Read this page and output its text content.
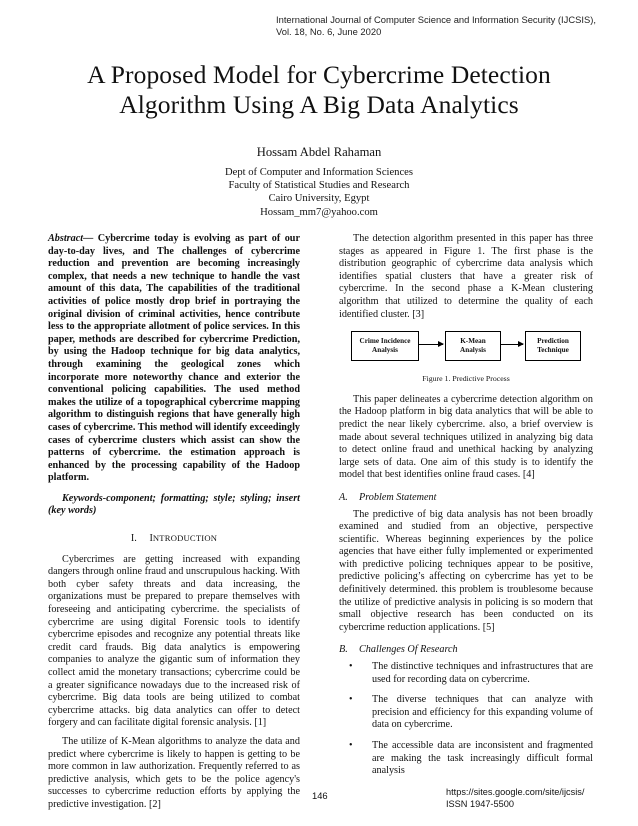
International Journal of Computer Science and Information Security (IJCSIS),
Vol. 18, No. 6, June 2020
A Proposed Model for Cybercrime Detection
Algorithm Using A Big Data Analytics
Hossam Abdel Rahaman
Dept of Computer and Information Sciences
Faculty of Statistical Studies and Research
Cairo University, Egypt
Hossam_mm7@yahoo.com

Abstract— Cybercrime today is evolving as part of our day-to-day lives, and The challenges of cybercrime reduction and prevention are becoming increasingly complex, that needs a new technique to handle the vast amount of this data, The capabilities of the traditional activities of police mostly drop brief in portraying the original division of criminal activities, hence contribute less to the appropriate allotment of police services. In this paper, methods are described for cybercrime Prediction, by using the Hadoop technique for big data analytics, through examining the geological zones which incorporate more noteworthy chance and exterior the conventional policing capabilities. The used method makes the utilize of a topographical cybercrime mapping algorithm to distinguish regions that have generally high cases of cybercrime. This method will identify exceedingly cases of cybercrime clusters which assist can show the patterns of cybercrime. the estimation approach is enhanced by the processing capability of the Hadoop platform.

Keywords-component; formatting; style; styling; insert (key words)

I. INTRODUCTION

Cybercrimes are getting increased with expanding dangers through online fraud and unscrupulous hacking. With both cyber safety threats and data increasing, the organizations must be prepared to prepare themselves with foreseeing and anticipating cybercrime. the specialists of cybercrime are using digital Forensic tools to identify cybercrime episodes and recognize any potential threats like credit card frauds. Big data analytics is empowering companies to analyze the gigantic sum of information they collect amid the monetary transactions; cybercrime could be a greater significance nowadays due to the increased risk of cybercrime. Big data tools are being utilized to combat cybercrime attacks. big data analytics can offer to detect forgery and can facilitate digital forensic analysis. [1]

The utilize of K-Mean algorithms to analyze the data and predict where cybercrime is likely to happen is getting to be more common in law authorization. Frequently referred to as predictive analysis, which gets to be the police agency's successes to cybercrime reduction efforts by applying the predictive investigation. [2]

The detection algorithm presented in this paper has three stages as appeared in Figure 1. The first phase is the distribution geographic of cybercrime data analysis which identifies spatial clusters that have a greater risk of cybercrime. In the second phase a K-Mean clustering algorithm that utilized to determine the quality of each identified cluster. [3]

Crime Incidence
Analysis
K-Mean
Analysis
Prediction
Technique
Figure 1. Predictive Process

This paper delineates a cybercrime detection algorithm on the Hadoop platform in big data analytics that will be able to predict the near likely cybercrime. also, a brief overview is made about several techniques utilized in analyzing big data to detect online fraud and unethical hacking by analyzing large sets of data. One aim of this study is to identify the model that best identifies online fraud cases. [4]

A. Problem Statement

The predictive of big data analysis has not been broadly examined and studied from an objective, perspective scientific. Whereas beginning experiences by the police agencies that have either fully implemented or experimented with predictive policing techniques appear to be positive, predictive policing’s affecting on cybercrime has yet to be definitively determined. this problem is troublesome because the utilize of predictive analysis in policing is so modern that small objective research has been conducted on its cybercrime reduction applications. [5]

B. Challenges Of Research
• The distinctive techniques and infrastructures that are used for recording data on cybercrime.
• The diverse techniques that can analyze with precision and efficiency for this expanding volume of data on cybercrime.
• The accessible data are inconsistent and fragmented are making the task increasingly difficult formal analysis
146	https://sites.google.com/site/ijcsis/
ISSN 1947-5500
